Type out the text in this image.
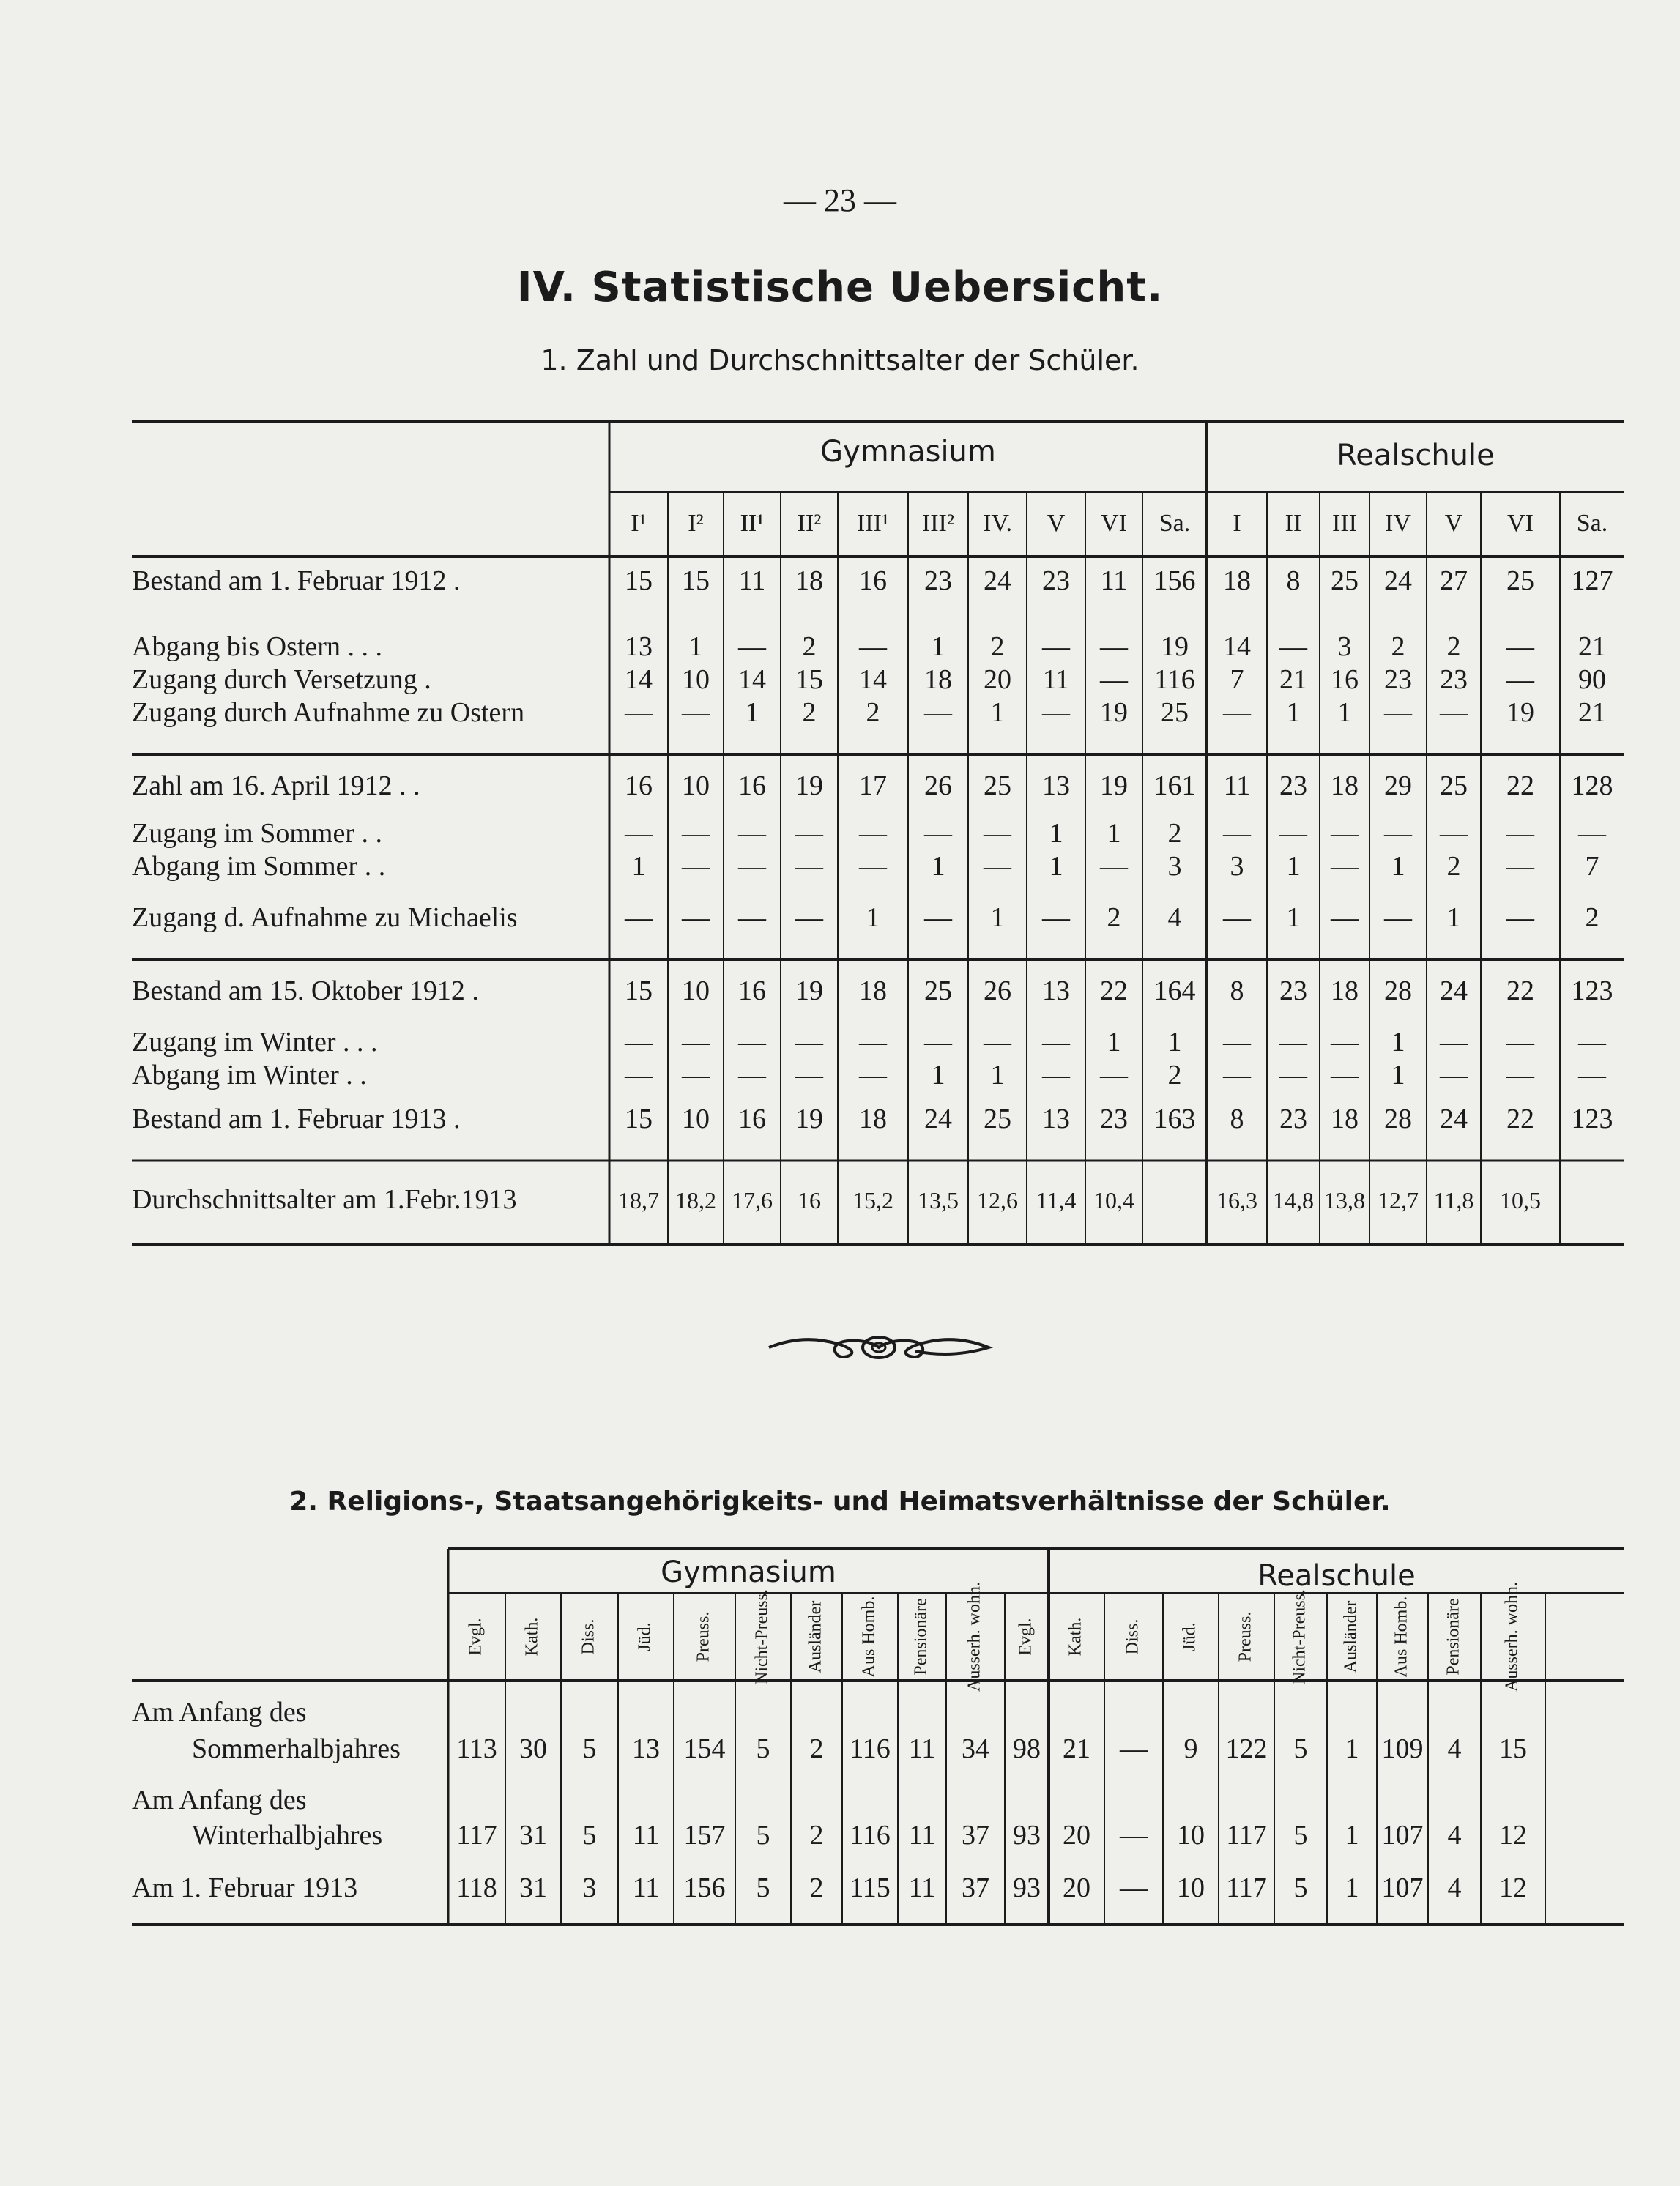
— 23 —
IV. Statistische Uebersicht.
1. Zahl und Durchschnittsalter der Schüler.
Gymnasium	Realschule
I¹ I² II¹ II² III¹ III² IV. V VI Sa. I II III IV V VI Sa.
Bestand am 1. Februar 1912 .	15 15 11 18 16 23 24 23 11 156 18 8 25 24 27 25 127
Abgang bis Ostern . . .	13 1 — 2 — 1 2 — — 19 14 — 3 2 2 — 21
Zugang durch Versetzung .	14 10 14 15 14 18 20 11 — 116 7 21 16 23 23 — 90
Zugang durch Aufnahme zu Ostern	— — 1 2 2 — 1 — 19 25 — 1 1 — — 19 21
Zahl am 16. April 1912 . .	16 10 16 19 17 26 25 13 19 161 11 23 18 29 25 22 128
Zugang im Sommer . .	— — — — — — — 1 1 2 — — — — — — —
Abgang im Sommer . .	1 — — — — 1 — 1 — 3 3 1 — 1 2 — 7
Zugang d. Aufnahme zu Michaelis	— — — — 1 — 1 — 2 4 — 1 — — 1 — 2
Bestand am 15. Oktober 1912 .	15 10 16 19 18 25 26 13 22 164 8 23 18 28 24 22 123
Zugang im Winter . . .	— — — — — — — — 1 1 — — — 1 — — —
Abgang im Winter . .	— — — — — 1 1 — — 2 — — — 1 — — —
Bestand am 1. Februar 1913 .	15 10 16 19 18 24 25 13 23 163 8 23 18 28 24 22 123
Durchschnittsalter am 1.Febr.1913	18,7 18,2 17,6 16 15,2 13,5 12,6 11,4 10,4	16,3 14,8 13,8 12,7 11,8 10,5
2. Religions-, Staatsangehörigkeits- und Heimatsverhältnisse der Schüler.
Gymnasium	Realschule
Evgl. Kath. Diss. Jüd. Preuss. Nicht-Preuss. Ausländer Aus Homb. Pensionäre Ausserh. wohn. Evgl. Kath. Diss. Jüd. Preuss. Nicht-Preuss. Ausländer Aus Homb. Pensionäre Ausserh. wohn.
Am Anfang des
Sommerhalbjahres 113 30 5 13 154 5 2 116 11 34 98 21 — 9 122 5 1 109 4 15
Am Anfang des
Winterhalbjahres	117 31 5 11 157 5 2 116 11 37 93 20 — 10 117 5 1 107 4 12
Am 1. Februar 1913	118 31 3 11 156 5 2 115 11 37 93 20 — 10 117 5 1 107 4 12
